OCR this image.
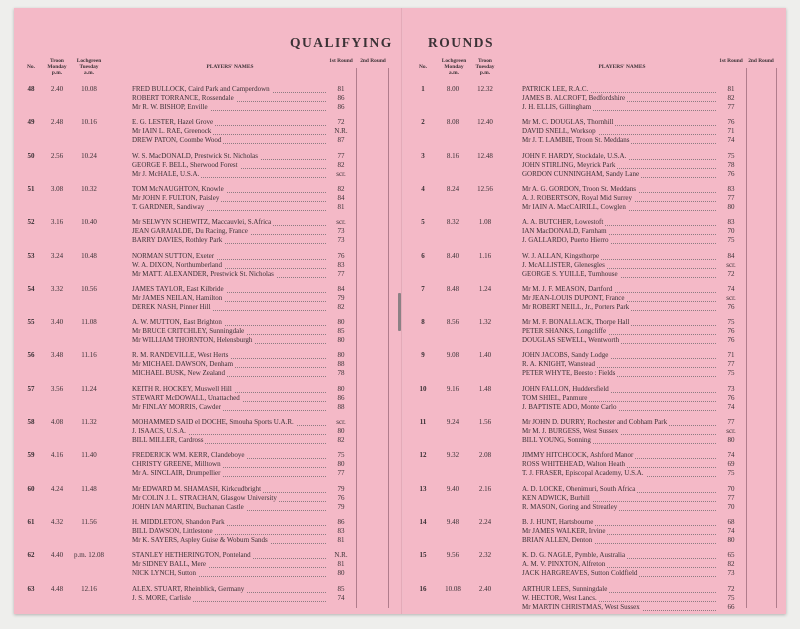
QUALIFYING	ROUNDS
No.
Troon Monday p.m.
Lochgreen Tuesday a.m.
PLAYERS' NAMES
1st Round 2nd Round
48	2.40	10.08	FRED BULLOCK, Caird Park and Camperdown	81
ROBERT TORRANCE, Rossendale	86
Mr R. W. BISHOP, Enville	86
49	2.48	10.16	E. G. LESTER, Hazel Grove	72
Mr IAIN L. RAE, Greenock	N.R.
DREW PATON, Coombe Wood	87
50	2.56	10.24	W. S. MacDONALD, Prestwick St. Nicholas	77
GEORGE F. BELL, Sherwood Forest	82
Mr J. McHALE, U.S.A.	scr.
51	3.08	10.32	TOM McNAUGHTON, Knowle	82
Mr JOHN F. FULTON, Paisley	84
T. GARDNER, Sandiway	81
52	3.16	10.40	Mr SELWYN SCHEWITZ, Maccauvlei, S.Africa	scr.
JEAN GARAIALDE, Du Racing, France	73
BARRY DAVIES, Rothley Park	73
53	3.24	10.48	NORMAN SUTTON, Exeter	76
W. A. DIXON, Northumberland	83
Mr MATT. ALEXANDER, Prestwick St. Nicholas	77
54	3.32	10.56	JAMES TAYLOR, East Kilbride	84
Mr JAMES NEILAN, Hamilton	79
DEREK NASH, Pinner Hill	82
55	3.40	11.08	A. W. MUTTON, East Brighton	80
Mr BRUCE CRITCHLEY, Sunningdale	85
Mr WILLIAM THORNTON, Helensburgh	80
56	3.48	11.16	R. M. RANDEVILLE, West Herts	80
Mr MICHAEL DAWSON, Denham	88
MICHAEL BUSK, New Zealand	78
57	3.56	11.24	KEITH R. HOCKEY, Muswell Hill	80
STEWART McDOWALL, Unattached	86
Mr FINLAY MORRIS, Cawder	88
58	4.08	11.32	MOHAMMED SAID el DOCHE, Smouha Sports U.A.R.	scr.
J. ISAACS, U.S.A.	80
BILL MILLER, Cardross	82
59	4.16	11.40	FREDERICK WM. KERR, Clandeboye	75
CHRISTY GREENE, Milltown	80
Mr A. SINCLAIR, Drumpellier	77
60	4.24	11.48	Mr EDWARD M. SHAMASH, Kirkcudbright	79
Mr COLIN J. L. STRACHAN, Glasgow University	76
JOHN IAN MARTIN, Buchanan Castle	79
61	4.32	11.56	H. MIDDLETON, Shandon Park	86
BILL DAWSON, Littlestone	83
Mr K. SAYERS, Aspley Guise & Woburn Sands	81
62	4.40	p.m. 12.08	STANLEY HETHERINGTON, Ponteland	N.R.
Mr SIDNEY BALL, Mere	81
NICK LYNCH, Sutton	80
63	4.48	12.16	ALEX. STUART, Rheinblick, Germany	85
J. S. MORE, Carlisle	74
No.
Lochgreen Monday a.m.
Troon Tuesday p.m.
PLAYERS' NAMES
1st Round 2nd Round
1	8.00	12.32	PATRICK LEE, R.A.C.	81
JAMES B. ALCROFT, Bedfordshire	82
J. H. ELLIS, Gillingham	77
2	8.08	12.40	Mr M. C. DOUGLAS, Thornhill	76
DAVID SNELL, Worksop	71
Mr J. T. LAMBIE, Troon St. Meddans	74
3	8.16	12.48	JOHN F. HARDY, Stockdale, U.S.A.	75
JOHN STIRLING, Meyrick Park	78
GORDON CUNNINGHAM, Sandy Lane	76
4	8.24	12.56	Mr A. G. GORDON, Troon St. Meddans	83
A. J. ROBERTSON, Royal Mid Surrey	77
Mr IAIN A. MacCAIRILL, Cowglen	80
5	8.32	1.08	A. A. BUTCHER, Lowestoft	83
IAN MacDONALD, Farnham	70
J. GALLARDO, Puerto Hierro	75
6	8.40	1.16	W. J. ALLAN, Kingsthorpe	84
J. McALLISTER, Glenesgles	scr.
GEORGE S. YUILLE, Turnhouse	72
7	8.48	1.24	Mr M. J. F. MEASON, Dartford	74
Mr JEAN-LOUIS DUPONT, France	scr.
Mr ROBERT NEILL, Jr., Porters Park	76
8	8.56	1.32	Mr M. F. BONALLACK, Thorpe Hall	75
PETER SHANKS, Longcliffe	76
DOUGLAS SEWELL, Wentworth	76
9	9.08	1.40	JOHN JACOBS, Sandy Lodge	71
R. A. KNIGHT, Wanstead	77
PETER WHYTE, Beesto : Fields	75
10	9.16	1.48	JOHN FALLON, Huddersfield	73
TOM SHIEL, Panmure	76
J. BAPTISTE ADO, Monte Carlo	74
11	9.24	1.56	Mr JOHN D. DURRY, Rochester and Cobham Park	77
Mr M. J. BURGESS, West Sussex	scr.
BILL YOUNG, Sonning	80
12	9.32	2.08	JIMMY HITCHCOCK, Ashford Manor	74
ROSS WHITEHEAD, Walton Heath	69
T. J. FRASER, Episcopal Academy, U.S.A.	75
13	9.40	2.16	A. D. LOCKE, Ohenimuri, South Africa	70
KEN ADWICK, Burhill	77
R. MASON, Goring and Streatley	70
14	9.48	2.24	B. J. HUNT, Hartsbourne	68
Mr JAMES WALKER, Irvine	74
BRIAN ALLEN, Denton	80
15	9.56	2.32	K. D. G. NAGLE, Pymble, Australia	65
A. M. V. PINXTON, Alfreton	82
JACK HARGREAVES, Sutton Coldfield	73
16	10.08	2.40	ARTHUR LEES, Sunningdale	72
W. HECTOR, West Lancs.	75
Mr MARTIN CHRISTMAS, West Sussex	66
